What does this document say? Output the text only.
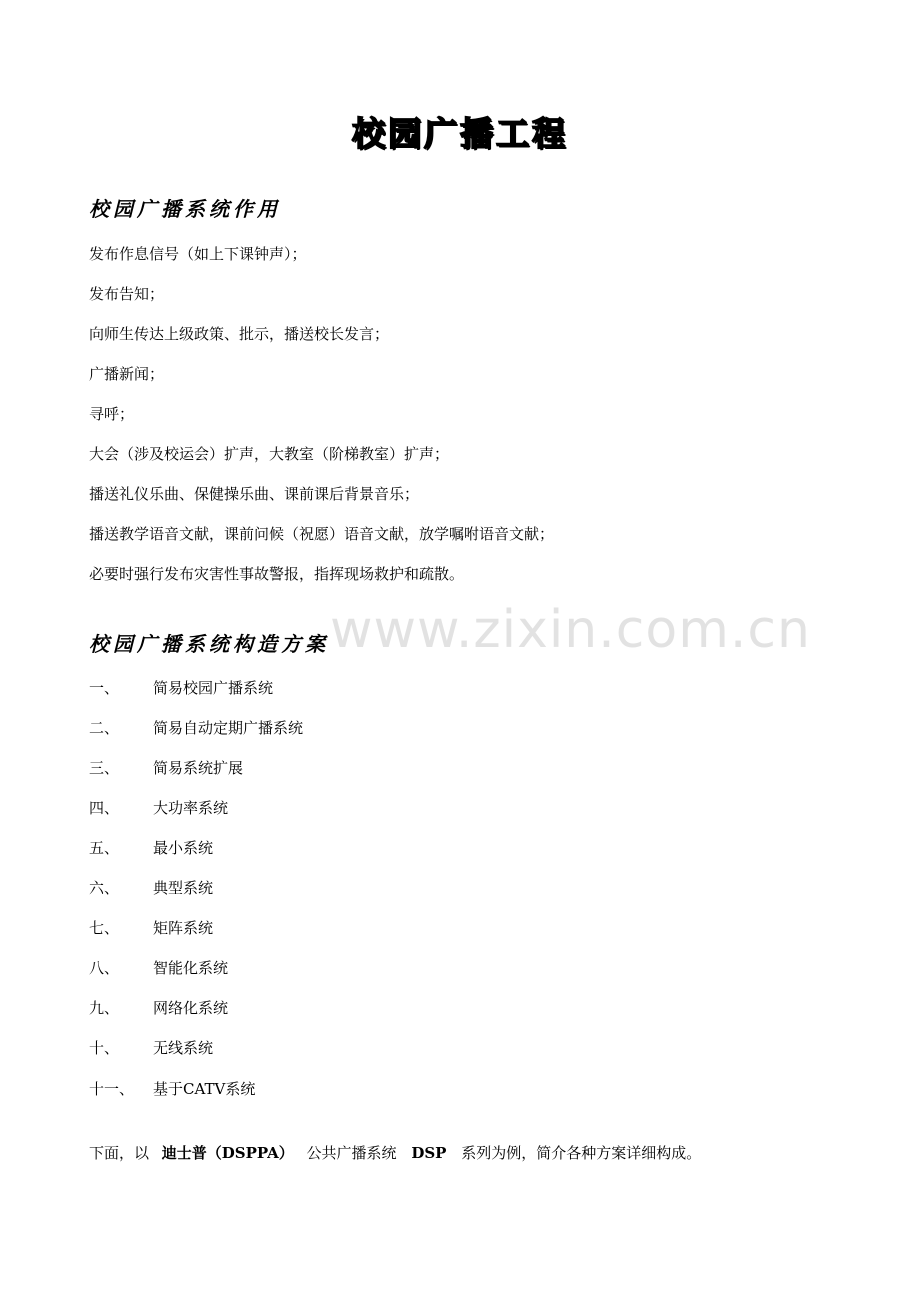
www.zixin.com.cn
校园广播工程
校园广播系统作用
发布作息信号（如上下课钟声）；
发布告知；
向师生传达上级政策、批示，播送校长发言；
广播新闻；
寻呼；
大会（涉及校运会）扩声，大教室（阶梯教室）扩声；
播送礼仪乐曲、保健操乐曲、课前课后背景音乐；
播送教学语音文献，课前问候（祝愿）语音文献，放学嘱咐语音文献；
必要时强行发布灾害性事故警报，指挥现场救护和疏散。
校园广播系统构造方案
一、 简易校园广播系统
二、 简易自动定期广播系统
三、 简易系统扩展
四、 大功率系统
五、 最小系统
六、 典型系统
七、 矩阵系统
八、 智能化系统
九、 网络化系统
十、 无线系统
十一、 基于CATV系统
下面，以 迪士普（DSPPA） 公共广播系统 DSP 系列为例，简介各种方案详细构成。
